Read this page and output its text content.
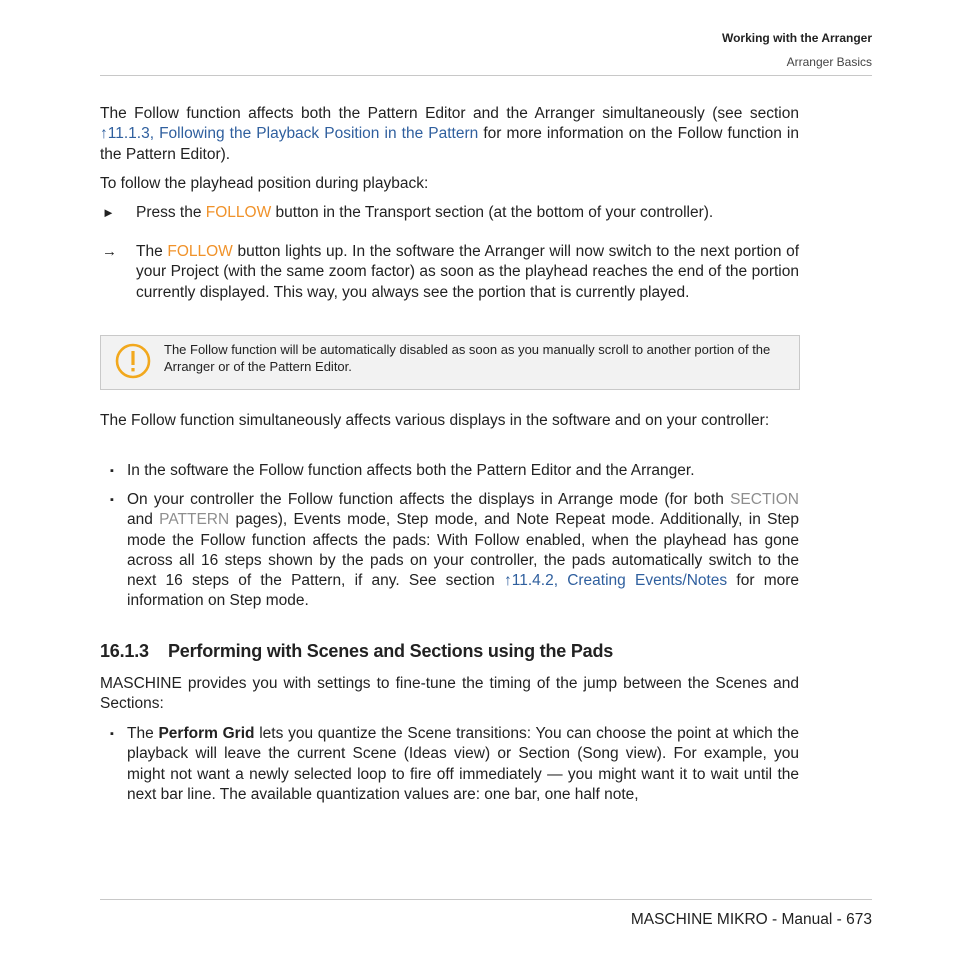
Working with the Arranger
Arranger Basics

The Follow function affects both the Pattern Editor and the Arranger simultaneously (see section ↑11.1.3, Following the Playback Position in the Pattern for more information on the Follow function in the Pattern Editor).

To follow the playhead position during playback:

► Press the FOLLOW button in the Transport section (at the bottom of your controller).

→ The FOLLOW button lights up. In the software the Arranger will now switch to the next portion of your Project (with the same zoom factor) as soon as the playhead reaches the end of the portion currently displayed. This way, you always see the portion that is currently played.

The Follow function will be automatically disabled as soon as you manually scroll to another portion of the Arranger or of the Pattern Editor.

The Follow function simultaneously affects various displays in the software and on your controller:

▪ In the software the Follow function affects both the Pattern Editor and the Arranger.

▪ On your controller the Follow function affects the displays in Arrange mode (for both SECTION and PATTERN pages), Events mode, Step mode, and Note Repeat mode. Additionally, in Step mode the Follow function affects the pads: With Follow enabled, when the playhead has gone across all 16 steps shown by the pads on your controller, the pads automatically switch to the next 16 steps of the Pattern, if any. See section ↑11.4.2, Creating Events/Notes for more information on Step mode.

16.1.3 Performing with Scenes and Sections using the Pads

MASCHINE provides you with settings to fine-tune the timing of the jump between the Scenes and Sections:

▪ The Perform Grid lets you quantize the Scene transitions: You can choose the point at which the playback will leave the current Scene (Ideas view) or Section (Song view). For example, you might not want a newly selected loop to fire off immediately — you might want it to wait until the next bar line. The available quantization values are: one bar, one half note,

MASCHINE MIKRO - Manual - 673
